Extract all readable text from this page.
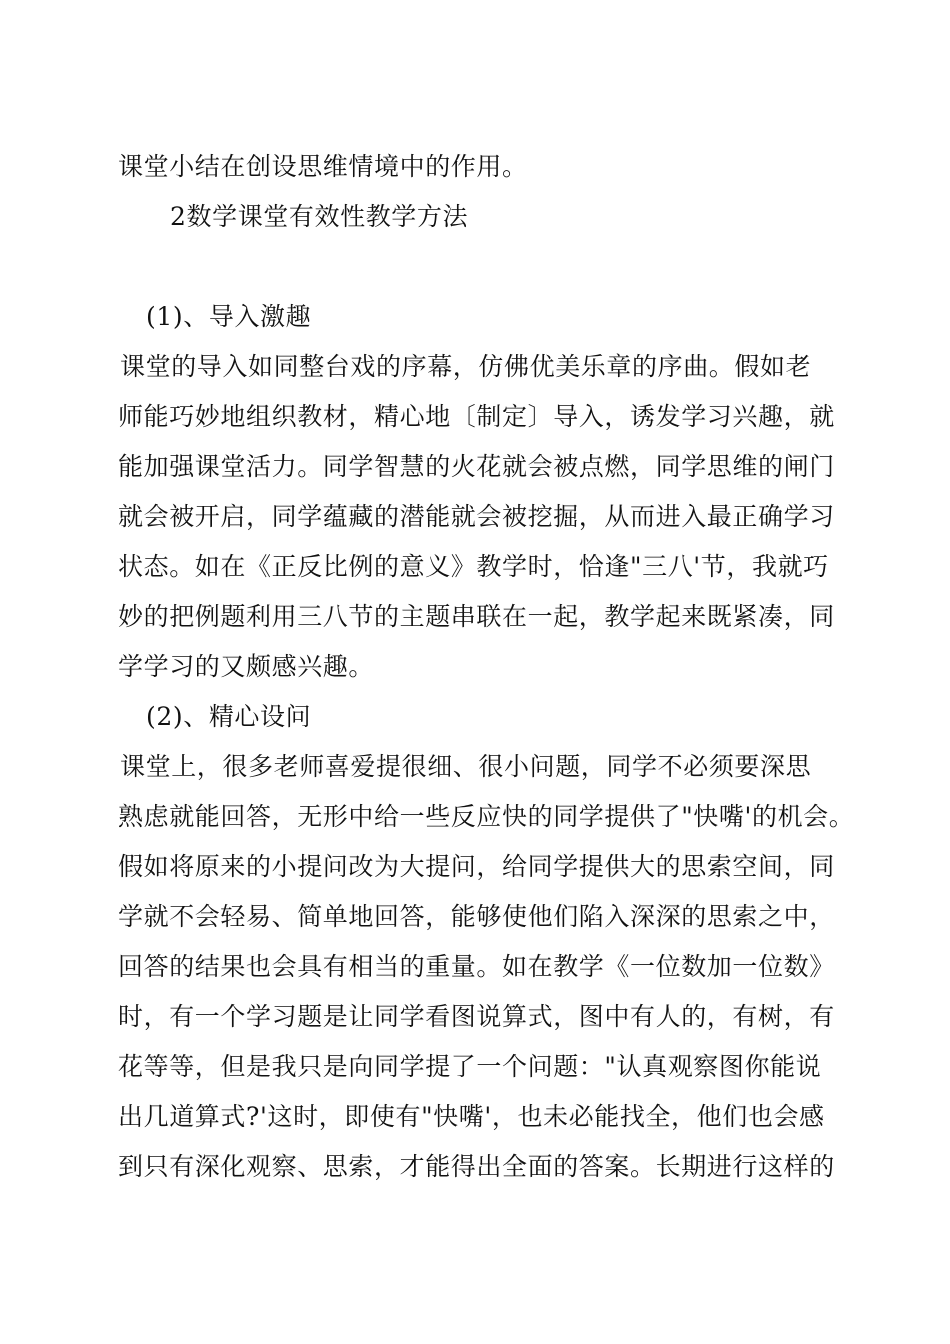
课堂小结在创设思维情境中的作用。
2数学课堂有效性教学方法
(1)、导入激趣
课堂的导入如同整台戏的序幕，仿佛优美乐章的序曲。假如老
师能巧妙地组织教材，精心地〔制定〕导入，诱发学习兴趣，就
能加强课堂活力。同学智慧的火花就会被点燃，同学思维的闸门
就会被开启，同学蕴藏的潜能就会被挖掘，从而进入最正确学习
状态。如在《正反比例的意义》教学时，恰逢"三八'节，我就巧
妙的把例题利用三八节的主题串联在一起，教学起来既紧凑，同
学学习的又颇感兴趣。
(2)、精心设问
课堂上，很多老师喜爱提很细、很小问题，同学不必须要深思
熟虑就能回答，无形中给一些反应快的同学提供了"快嘴'的机会。
假如将原来的小提问改为大提问，给同学提供大的思索空间，同
学就不会轻易、简单地回答，能够使他们陷入深深的思索之中，
回答的结果也会具有相当的重量。如在教学《一位数加一位数》
时，有一个学习题是让同学看图说算式，图中有人的，有树，有
花等等，但是我只是向同学提了一个问题："认真观察图你能说
出几道算式?'这时，即使有"快嘴'，也未必能找全，他们也会感
到只有深化观察、思索，才能得出全面的答案。长期进行这样的
